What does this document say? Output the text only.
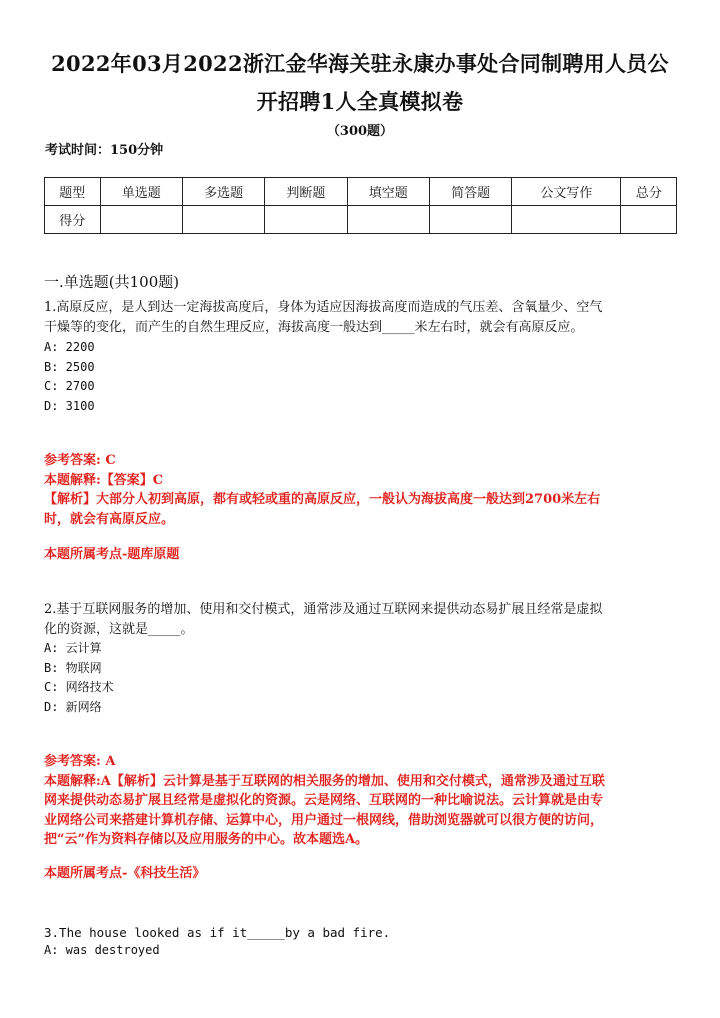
2022年03月2022浙江金华海关驻永康办事处合同制聘用人员公
开招聘1人全真模拟卷
（300题）
考试时间：150分钟
题型	单选题	多选题	判断题	填空题	简答题	公文写作	总分
得分							
一.单选题(共100题)
1.高原反应，是人到达一定海拔高度后，身体为适应因海拔高度而造成的气压差、含氧量少、空气
干燥等的变化，而产生的自然生理反应，海拔高度一般达到_____米左右时，就会有高原反应。
A: 2200
B: 2500
C: 2700
D: 3100
参考答案: C
本题解释:【答案】C
【解析】大部分人初到高原，都有或轻或重的高原反应，一般认为海拔高度一般达到2700米左右
时，就会有高原反应。
本题所属考点-题库原题
2.基于互联网服务的增加、使用和交付模式，通常涉及通过互联网来提供动态易扩展且经常是虚拟
化的资源，这就是_____。
A: 云计算
B: 物联网
C: 网络技术
D: 新网络
参考答案: A
本题解释:A【解析】云计算是基于互联网的相关服务的增加、使用和交付模式，通常涉及通过互联
网来提供动态易扩展且经常是虚拟化的资源。云是网络、互联网的一种比喻说法。云计算就是由专
业网络公司来搭建计算机存储、运算中心，用户通过一根网线，借助浏览器就可以很方便的访问，
把“云”作为资料存储以及应用服务的中心。故本题选A。
本题所属考点-《科技生活》
3.The house looked as if it_____by a bad fire.
A: was destroyed
